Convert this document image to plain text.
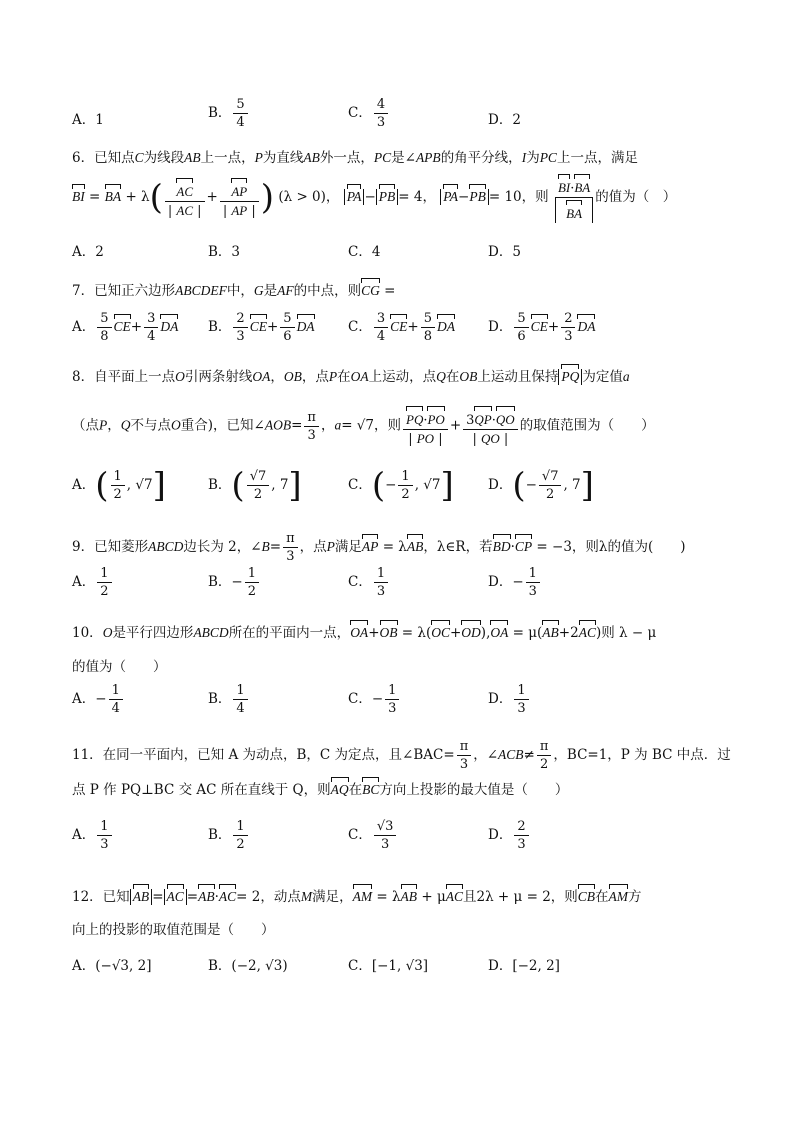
A．1	B． $\frac{5}{4}$	C． $\frac{4}{3}$	D．2
6．已知点C为线段AB上一点，P为直线AB外一点，PC是∠APB的角平分线，I为PC上一点，满足
BI = BA + $\lambda( \frac{AC}{| AC |} + \frac{AP}{| AP |}$ ) (λ > 0)， PA − PB = 4， PA−PB = 10，则 $\frac{BI\cdot BA}{BA}$ 的值为（　）
A．2	B．3	C．4	D．5
7．已知正六边形ABCDEF中，G是AF的中点，则CG =
A． $\frac{5}{8} CE+ \frac{3}{4}$ DA B． $\frac{2}{3} CE+ \frac{5}{6}$ DA C． $\frac{3}{4} CE+ \frac{5}{8}$ DA D． $\frac{5}{6} CE+ \frac{2}{3}$ DA
8．自平面上一点O引两条射线OA，OB，点P在OA上运动，点Q在OB上运动且保持 PQ 为定值a
（点P，Q不与点O重合)，已知∠AOB= $\frac{\pi}{3}$ ，a= √7，则 $\frac{PQ\cdot PO}{| PO |} + \frac{3QP\cdot QO}{| QO |}$ 的取值范围为（　　）
A．( $\frac{1}{2}$ , √7]	B．( $\frac{√7}{2}$ , 7]	C．(− $\frac{1}{2}$ , √7]	D．(− $\frac{√7}{2}$ , 7]
9．已知菱形ABCD边长为 2，∠B= $\frac{\pi}{3}$ ，点P满足AP = λAB，λ∈R，若BD·CP = −3，则λ的值为(　　)
A． $\frac{1}{2}$	B．− $\frac{1}{2}$	C． $\frac{1}{3}$	D．− $\frac{1}{3}$
10．O是平行四边形ABCD所在的平面内一点，OA+OB = λ(OC+OD),OA = μ(AB+2AC)则 λ − μ
的值为（　　）
A．− $\frac{1}{4}$	B． $\frac{1}{4}$	C．− $\frac{1}{3}$	D． $\frac{1}{3}$
11．在同一平面内，已知 A 为动点，B，C 为定点，且∠BAC= $\frac{\pi}{3}$ ，∠ACB≠ $\frac{\pi}{2}$ ，BC=1，P 为 BC 中点．过
点 P 作 PQ⊥BC 交 AC 所在直线于 Q，则AQ在BC方向上投影的最大值是（　　）
A． $\frac{1}{3}$	B． $\frac{1}{2}$	C． $\frac{√3}{3}$	D． $\frac{2}{3}$
12．已知 AB = AC =AB·AC= 2，动点M满足，AM = λAB + μAC且2λ + μ = 2，则CB在AM方
向上的投影的取值范围是（　　）
A．(−√3, 2]	B．(−2, √3)	C．[−1, √3]	D．[−2, 2]
